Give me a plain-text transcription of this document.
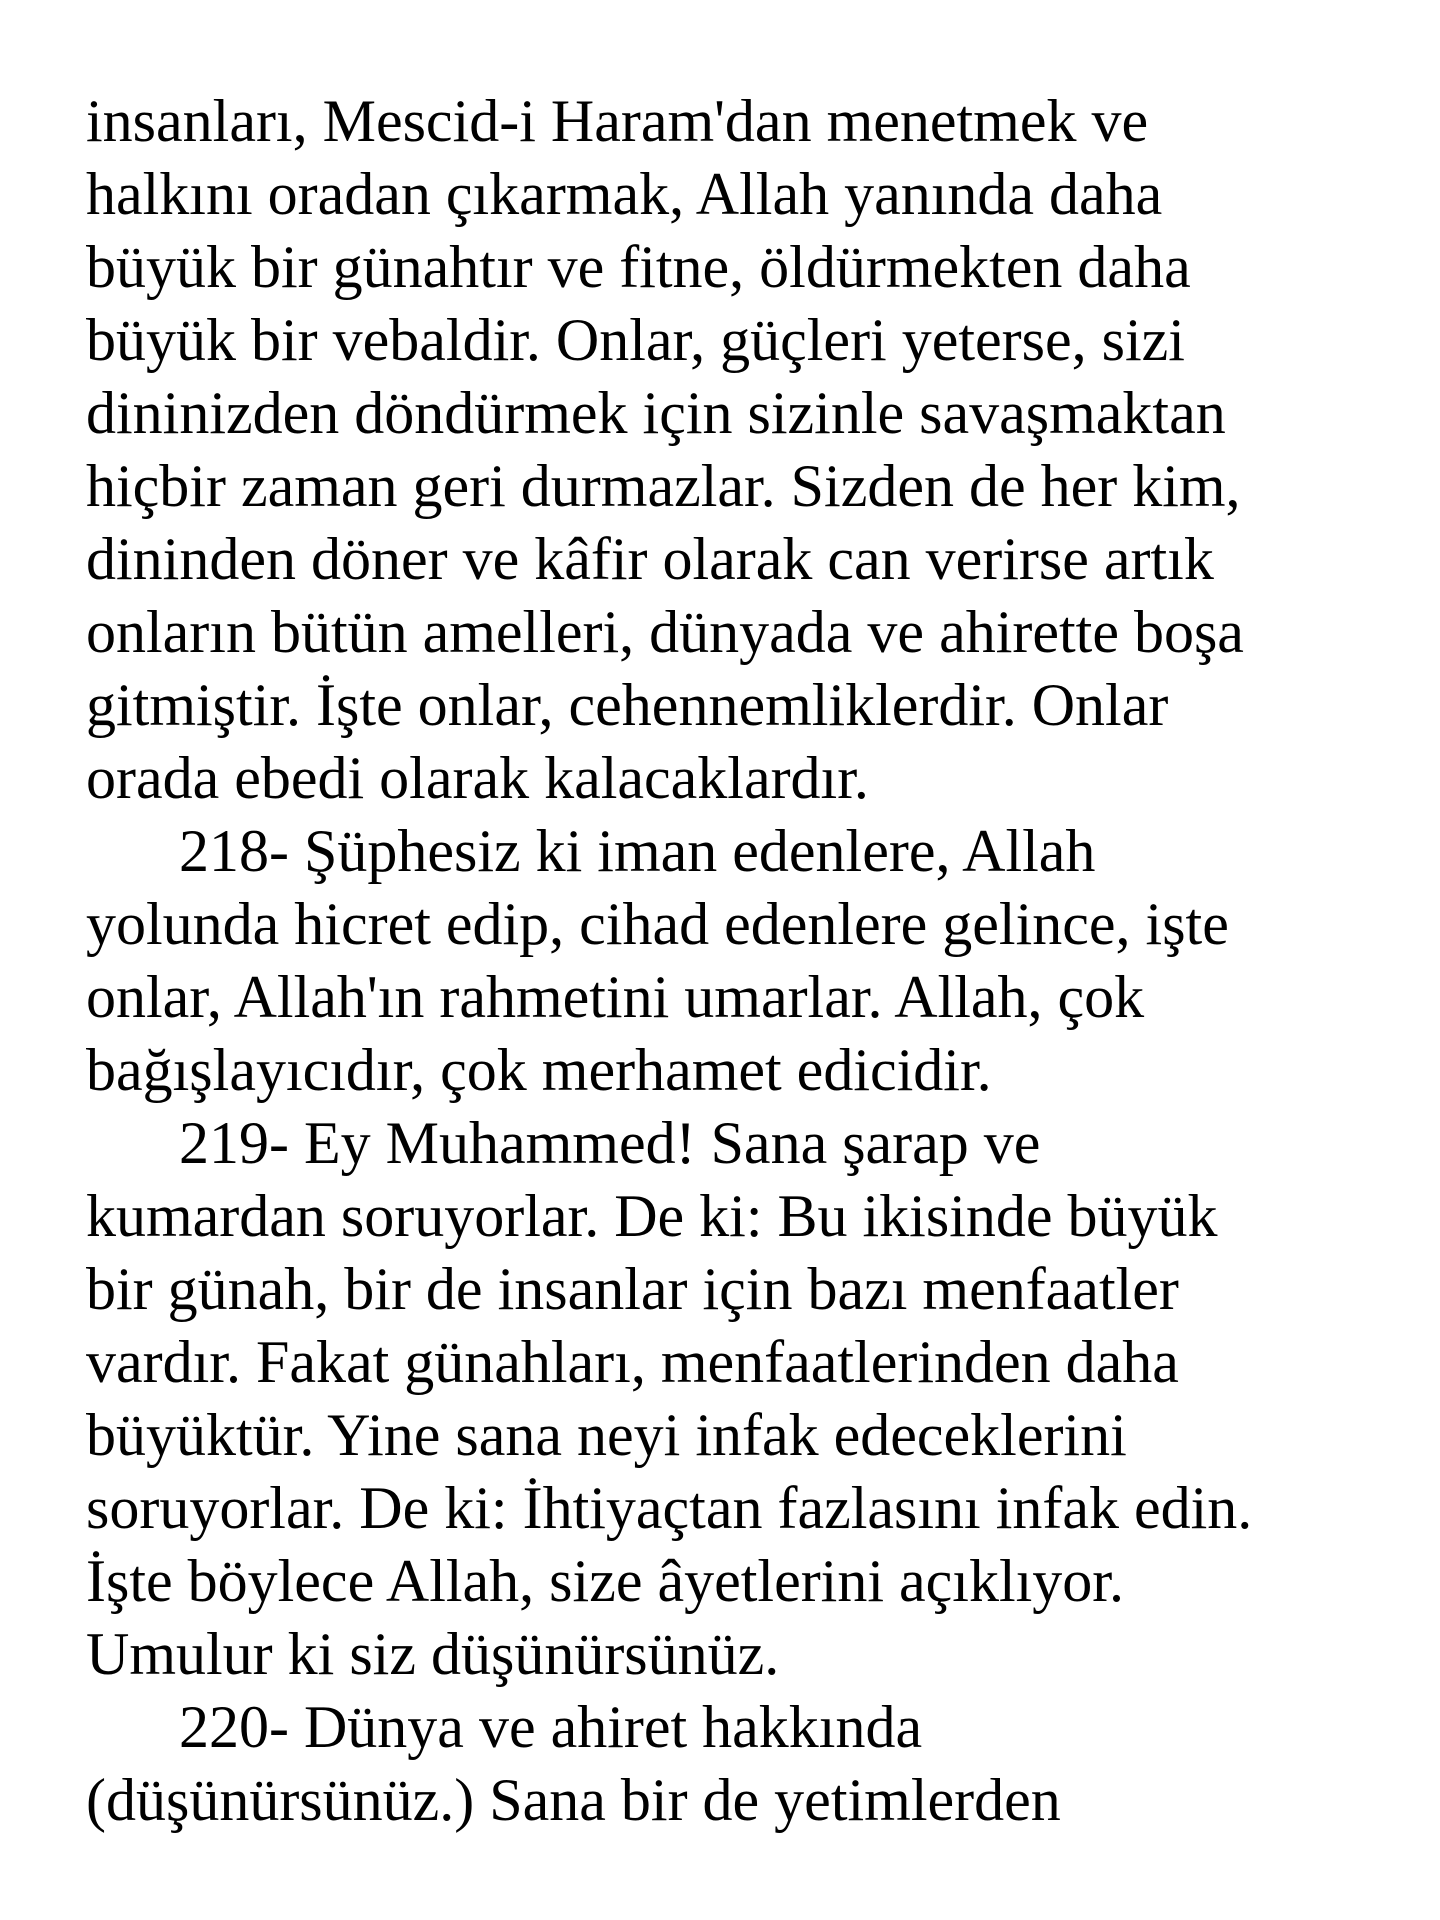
insanları, Mescid-i Haram'dan menetmek ve
halkını oradan çıkarmak, Allah yanında daha
büyük bir günahtır ve fitne, öldürmekten daha
büyük bir vebaldir. Onlar, güçleri yeterse, sizi
dininizden döndürmek için sizinle savaşmaktan
hiçbir zaman geri durmazlar. Sizden de her kim,
dininden döner ve kâfir olarak can verirse artık
onların bütün amelleri, dünyada ve ahirette boşa
gitmiştir. İşte onlar, cehennemliklerdir. Onlar
orada ebedi olarak kalacaklardır.
218- Şüphesiz ki iman edenlere, Allah
yolunda hicret edip, cihad edenlere gelince, işte
onlar, Allah'ın rahmetini umarlar. Allah, çok
bağışlayıcıdır, çok merhamet edicidir.
219- Ey Muhammed! Sana şarap ve
kumardan soruyorlar. De ki: Bu ikisinde büyük
bir günah, bir de insanlar için bazı menfaatler
vardır. Fakat günahları, menfaatlerinden daha
büyüktür. Yine sana neyi infak edeceklerini
soruyorlar. De ki: İhtiyaçtan fazlasını infak edin.
İşte böylece Allah, size âyetlerini açıklıyor.
Umulur ki siz düşünürsünüz.
220- Dünya ve ahiret hakkında
(düşünürsünüz.) Sana bir de yetimlerden
